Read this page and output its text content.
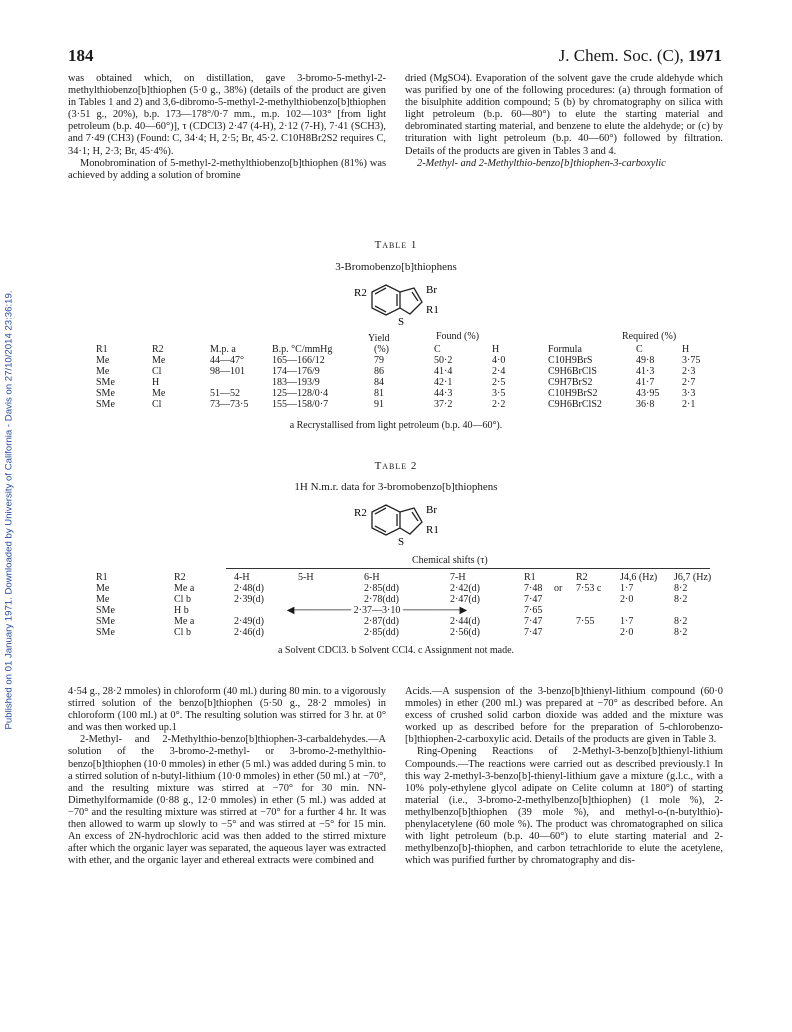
184	J. Chem. Soc. (C), 1971
Published on 01 January 1971. Downloaded by University of California - Davis on 27/10/2014 23:36:19.

was obtained which, on distillation, gave 3-bromo-5-methyl-2-methylthiobenzo[b]thiophen (5·0 g., 38%) (details of the product are given in Tables 1 and 2) and 3,6-dibromo-5-methyl-2-methylthiobenzo[b]thiophen (3·51 g., 20%), b.p. 173—178°/0·7 mm., m.p. 102—103° [from light petroleum (b.p. 40—60°)], τ (CDCl3) 2·47 (4-H), 2·12 (7-H), 7·41 (SCH3), and 7·49 (CH3) (Found: C, 34·4; H, 2·5; Br, 45·2. C10H8Br2S2 requires C, 34·1; H, 2·3; Br, 45·4%).

Monobromination of 5-methyl-2-methylthiobenzo[b]thiophen (81%) was achieved by adding a solution of bromine

dried (MgSO4). Evaporation of the solvent gave the crude aldehyde which was purified by one of the following procedures: (a) through formation of the bisulphite addition compound; 5 (b) by chromatography on silica with light petroleum (b.p. 60—80°) to elute the starting material and debrominated starting material, and benzene to elute the aldehyde; or (c) by trituration with light petroleum (b.p. 40—60°) followed by filtration. Details of the products are given in Tables 3 and 4.

2-Methyl- and 2-Methylthio-benzo[b]thiophen-3-carboxylic

Table 1
3-Bromobenzo[b]thiophens
R2	Br
S
R1
Yield	Found (%)	Required (%)
R1	R2	M.p. a	B.p. °C/mmHg	(%)	C	H	Formula	C	H
Me	Me	44—47°	165—166/12	79	50·2	4·0	C10H9BrS	49·8	3·75
Me	Cl	98—101	174—176/9	86	41·4	2·4	C9H6BrClS	41·3	2·3
SMe	H		183—193/9	84	42·1	2·5	C9H7BrS2	41·7	2·7
SMe	Me	51—52	125—128/0·4	81	44·3	3·5	C10H9BrS2	43·95	3·3
SMe	Cl	73—73·5	155—158/0·7	91	37·2	2·2	C9H6BrClS2	36·8	2·1
a Recrystallised from light petroleum (b.p. 40—60°).
Table 2
1H N.m.r. data for 3-bromobenzo[b]thiophens
R2	Br
S
R1
Chemical shifts (τ)
R1	R2	4-H	5-H	6-H	7-H	R1		R2	J4,6 (Hz)	J6,7 (Hz)
Me	Me a	2·48(d)		2·85(dd)	2·42(d)	7·48	or	7·53 c	1·7	8·2
Me	Cl b	2·39(d)		2·78(dd)	2·47(d)	7·47			2·0	8·2
SMe	H b	◀──────── 2·37—3·10 ────────▶				7·65				
SMe	Me a	2·49(d)		2·87(dd)	2·44(d)	7·47		7·55	1·7	8·2
SMe	Cl b	2·46(d)		2·85(dd)	2·56(d)	7·47			2·0	8·2
a Solvent CDCl3. b Solvent CCl4. c Assignment not made.

4·54 g., 28·2 mmoles) in chloroform (40 ml.) during 80 min. to a vigorously stirred solution of the benzo[b]thiophen (5·50 g., 28·2 mmoles) in chloroform (100 ml.) at 0°. The resulting solution was stirred for 3 hr. at 0° and was then worked up.1

2-Methyl- and 2-Methylthio-benzo[b]thiophen-3-carbaldehydes.—A solution of the 3-bromo-2-methyl- or 3-bromo-2-methylthio-benzo[b]thiophen (10·0 mmoles) in ether (5 ml.) was added during 5 min. to a stirred solution of n-butyl-lithium (10·0 mmoles) in ether (50 ml.) at −70°, and the resulting mixture was stirred at −70° for 30 min. NN-Dimethylformamide (0·88 g., 12·0 mmoles) in ether (5 ml.) was added at −70° and the resulting mixture was stirred at −70° for a further 4 hr. It was then allowed to warm up slowly to −5° and was stirred at −5° for 15 min. An excess of 2N-hydrochloric acid was then added to the stirred mixture after which the organic layer was separated, the aqueous layer was extracted with ether, and the organic layer and ethereal extracts were combined and

Acids.—A suspension of the 3-benzo[b]thienyl-lithium compound (60·0 mmoles) in ether (200 ml.) was prepared at −70° as described before. An excess of crushed solid carbon dioxide was added and the mixture was worked up as described before for the preparation of 5-chlorobenzo-[b]thiophen-2-carboxylic acid. Details of the products are given in Table 3.

Ring-Opening Reactions of 2-Methyl-3-benzo[b]thienyl-lithium Compounds.—The reactions were carried out as described previously.1 In this way 2-methyl-3-benzo[b]-thienyl-lithium gave a mixture (g.l.c., with a 10% poly-ethylene glycol adipate on Celite column at 180°) of starting material (i.e., 3-bromo-2-methylbenzo[b]thiophen) (1 mole %), 2-methylbenzo[b]thiophen (39 mole %), and methyl-o-(n-butylthio)-phenylacetylene (60 mole %). The product was chromatographed on silica with light petroleum (b.p. 40—60°) to elute starting material and 2-methylbenzo[b]-thiophen, and carbon tetrachloride to elute the acetylene, which was purified further by chromatography and dis-
